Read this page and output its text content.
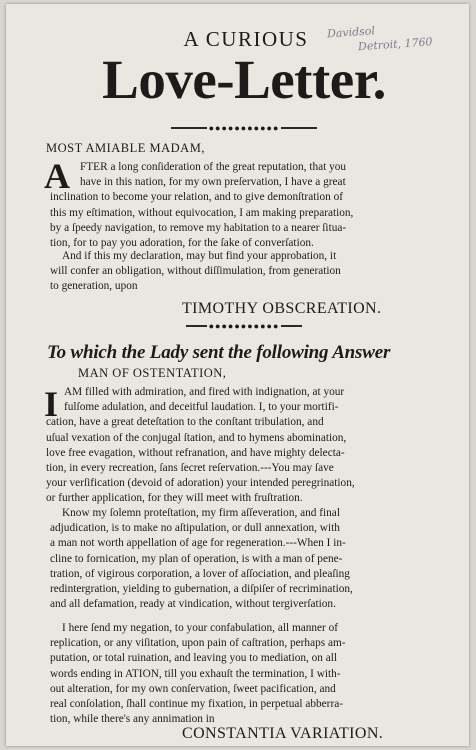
Davidsol
Detroit, 1760
A CURIOUS
Love-Letter.
●●●●●●●●●●●
MOST AMIABLE MADAM,
A FTER a long conſideration of the great reputation, that you
have in this nation, for my own preſervation, I have a great
inclination to become your relation, and to give demonſtration of
this my eſtimation, without equivocation, I am making preparation,
by a ſpeedy navigation, to remove my habitation to a nearer ſitua-
tion, for to pay you adoration, for the ſake of converſation.
And if this my declaration, may but find your approbation, it
will confer an obligation, without diſſimulation, from generation
to generation, upon
TIMOTHY OBSCREATION.
●●●●●●●●●●●
To which the Lady sent the following Answer
MAN OF OSTENTATION,
I AM filled with admiration, and fired with indignation, at your
fulſome adulation, and deceitful laudation. I, to your mortifi-
cation, have a great deteſtation to the conſtant tribulation, and
uſual vexation of the conjugal ſtation, and to hymens abomination,
love free evagation, without refranation, and have mighty delecta-
tion, in every recreation, ſans ſecret reſervation.---You may ſave
your verſification (devoid of adoration) your intended peregrination,
or further application, for they will meet with fruſtration.
Know my ſolemn proteſtation, my firm aſſeveration, and final
adjudication, is to make no aſtipulation, or dull annexation, with
a man not worth appellation of age for regeneration.---When I in-
cline to fornication, my plan of operation, is with a man of pene-
tration, of vigirous corporation, a lover of aſſociation, and pleaſing
redintergration, yielding to gubernation, a diſpiſer of recrimination,
and all defamation, ready at vindication, without tergiverſation.
I here ſend my negation, to your confabulation, all manner of
replication, or any viſitation, upon pain of caſtration, perhaps am-
putation, or total ruination, and leaving you to mediation, on all
words ending in ATION, till you exhauſt the termination, I with-
out alteration, for my own conſervation, ſweet pacification, and
real conſolation, ſhall continue my fixation, in perpetual abberra-
tion, while there's any annimation in
CONSTANTIA VARIATION.
